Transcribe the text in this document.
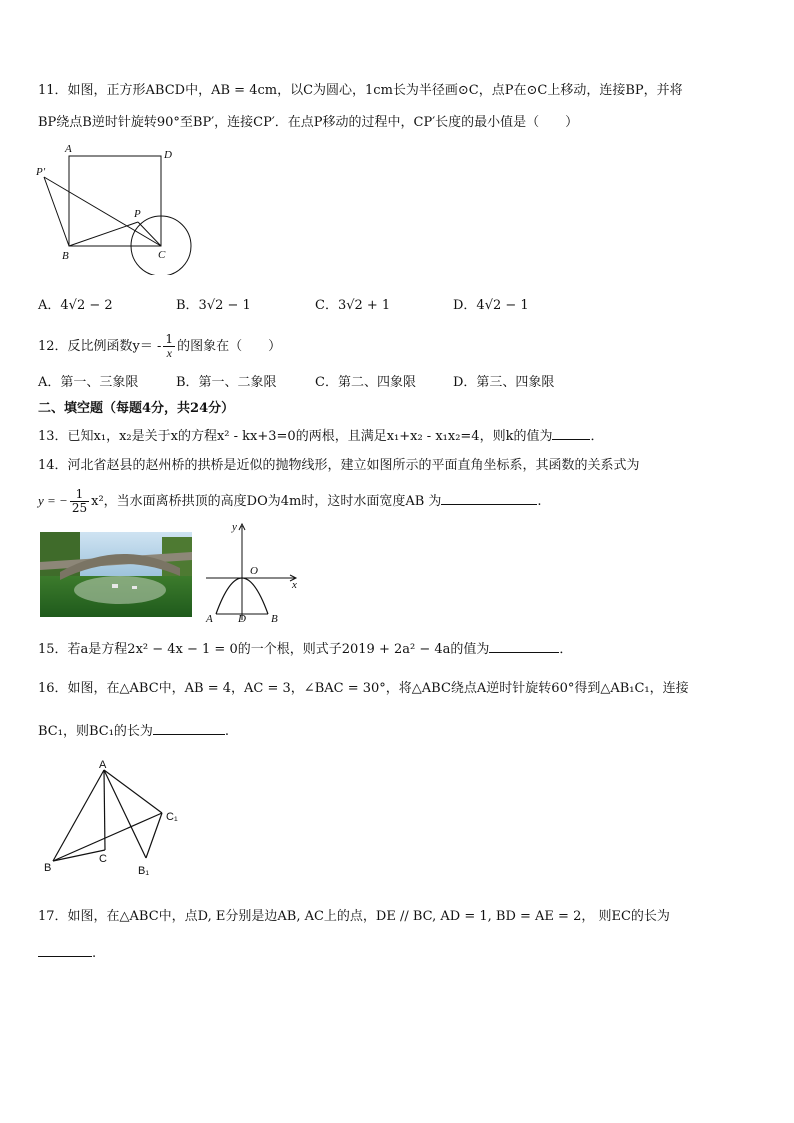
11．如图，正方形ABCD中，AB = 4cm，以C为圆心，1cm长为半径画⊙C，点P在⊙C上移动，连接BP，并将
BP绕点B逆时针旋转90°至BP′，连接CP′．在点P移动的过程中，CP′长度的最小值是（　　）
A	D
P′
P
B	C
A．4√2 − 2	B．3√2 − 1	C．3√2 + 1	D．4√2 − 1
12．反比例函数$y= - \frac{1}{x}$ 的图象在（　　）
A．第一、三象限	B．第一、二象限	C．第二、四象限	D．第三、四象限
二、填空题（每题4分，共24分）
13．已知x₁，x₂是关于x的方程x² - kx+3=0的两根，且满足x₁+x₂ - x₁x₂=4，则k的值为	．
14．河北省赵县的赵州桥的拱桥是近似的抛物线形，建立如图所示的平面直角坐标系，其函数的关系式为
y = − $\frac{1}{25} x^2$，当水面离桥拱顶的高度DO为4m时，这时水面宽度AB 为	.
y
O
x
A D B
15．若a是方程2x² − 4x − 1 = 0的一个根，则式子2019 + 2a² − 4a的值为	．
16．如图，在△ABC中，AB = 4，AC = 3，∠BAC = 30°，将△ABC绕点A逆时针旋转60°得到△AB₁C₁，连接
BC₁，则BC₁的长为	.
A
C₁
C
B	B₁
17．如图，在△ABC中，点D, E分别是边AB, AC上的点，DE // BC, AD = 1, BD = AE = 2， 则EC的长为
.
